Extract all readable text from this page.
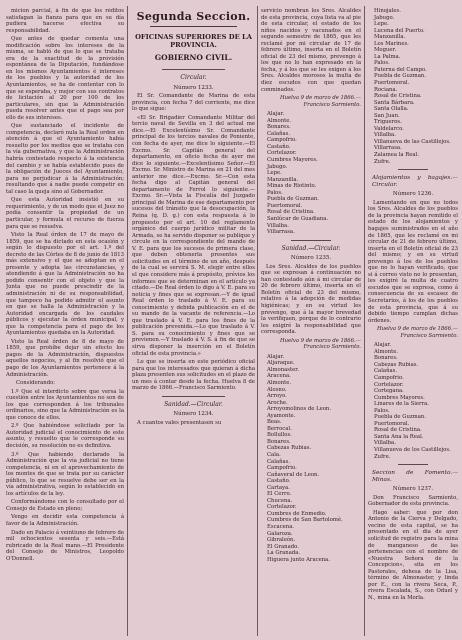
micion parcial, á fin de que los réditos satisfagan la fianza para que en su día pudiera hacerse efectiva su responsabilidad.

Que antes de quedar comenta una modificación sobre los intereses de la misma, se habló de que lo que se trataba era de la exactitud de la provisión espontánea de la Diputación, fundándose en los mismos Ayuntamientos é intereses de los pueblos y la autoridad de los Ayuntamientos, se ha de contentar con lo que se esperaba, y mejor con sus contratos de licitación al 20 por 100 de los particulares, sin que la Administración pueda resolver antes que el pago sea por ello de sus intereses.

Que sustanciado el incidente de competencia, declaró nula la Real orden en atención á que el Ayuntamiento había resuelto por los medios que se trataba con la vía gubernativa, y que la Administración habría contestado respecto á la existencia del cambio y se había establecido pues de la obligación de Jueces del Ayuntamiento, para no perjudicar á la Administración; resultando que á nadie puede competir en tal caso la queja sino al Gobernador.

Que esta Autoridad insistió en su requerimiento, y de un modo que el Juez no podía consentir la propiedad de un particular, y formula el recurso de fuerza para que se resuelva.

Visto la Real órden de 17 de mayo de 1859, que se ha dictado en esta ocasión y según lo dispuesto por el art. 1.º del decreto de las Córtes de 8 de junio de 1813 más extensivo y el que se adoptan en el presente y adopta las circunstancias, y atendiendo á que la Administración no ha podido consentir con el objeto y que la Junta que no puede prescindir de la administración ni de su responsabilidad, que tampoco ha podido admitir el asunto en que se halla la Administración y la Autoridad encargada de los caudales públicos y ejecutar la órden municipal, y que la competencia para el pago de los Ayuntamientos quedaba en la Autoridad.

Visto la Real órden de 8 de mayo de 1859, que prohíbe dejar sin efecto los pagos de la Administración, dispuestos aquellos negocios, y al fin resolvió que el pago de los Ayuntamientos pertenece á la Administración.

Considerando:

1.º Que el interdicto sobre que versa la cuestión entre los Ayuntamientos no son de los que corresponden á los tribunales ordinarios, sino que la Administración es la que conoce de ellos.

2.º Que habiéndose solicitado por la Autoridad judicial el conocimiento de este asunto, y resuelto que le corresponde su decisión, su resolución no es definitiva.

3.º Que habiendo declarado la Administración que la vía judicial no tiene competencia, ni en el aprovechamiento de los montes de que se trata por su carácter público, lo que se resuelve debe ser en la vía administrativa, según lo establecido en los artículos de la ley.

Conformándome con lo consultado por el Consejo de Estado en pleno;

Vengo en decidir esta competencia á favor de la Administración.

Dado en Palacio á veintiuno de febrero de mil ochocientos sesenta y seis.—Está rubricado de la Real mano.—El Presidente del Consejo de Ministros, Leopoldo O'Donnell.

Segunda Seccion.
OFICINAS SUPERIORES DE LA PROVINCIA.
GOBIERNO CIVIL.
Circular.
Número 1233.

El Sr. Comandante de Marina de esta provincia, con fecha 7 del corriente, me dice lo que sigue:

«El Sr. Brigadier Comandante Militar del tercio naval de Sevilla en 3 del actual me dice.—El Excelentísimo Sr. Comandante principal de los tercios navales de Poniente, con fecha de ayer, me dice lo siguiente.—El Excmo. Sr. Capitán general del departamento, en oficio fecha de ayer me dice lo siguiente.—Excelentísimo Señor.—El Excmo. Sr. Ministro de Marina en 21 del mes anterior me dice.—Excmo. Sr.—Con esta fecha digo al Capitán general del departamento de Ferrol lo siguiente.—Excmo. Sr.—Vista la Fiscalía del Juzgado principal de Marina de ese departamento por sucesos del tránsito que la desocupación, la Reina (q. D. g.) con esta respuesta á lo propuesto por el art. 10 del reglamento orgánico del cuerpo jurídico militar de la Armada, se ha servido disponer se publique y circule en la correspondiente del mando de V. E. para que los sucesos de primera clase, que deben obtenerla presentes sus solicitudes en el término de un año, después de la cual se servirá S. M. elegir entre ellos el que considere más á propósito, prévios los informes que se determinan en el artículo ya citado.—De Real órden lo digo á V. E. para su noticia y fines que se expresan.—Y de igual Real órden lo traslado á V. E. para su conocimiento y debida publicación en el de su mando de la vacante de referencia.—Lo que traslado á V. E. para los fines de la publicación prevenida.—Lo que traslado á V. S. para su conocimiento y fines que se previenen.—Y traslado á V. S. á fin de que se sirva disponer la inserción en el Boletín oficial de esta provincia.»

Lo que se inserta en este periódico oficial para que los interesados que quieran á dicha plaza presenten sus solicitudes en el plazo de un mes á contar desde la fecha. Huelva 8 de marzo de 1866.—Francisco Sarmiento.

Sanidad.—Circular.
Número 1234.

A cuantos vales presentasen su

servicio nombran los Sres. Alcaldes de esta provincia, cuya lista va al pie de esta circular, el estado de los niños nacidos y vacunados en el segundo semestre de 1865, que les reclamé por mi circular de 17 de febrero último, inserta en el Boletín oficial de 23 del mismo, prevengo á los que no lo han expresado en la fecha, y á los que se les exigen á los Sres. Alcaldes morosos la multa de diez escudos con que quedan conminados.

Huelva 9 de marzo de 1866.—Francisco Sarmiento.
Alajar.
Almonte.
Bonares.
Calañas.
Campofrio.
Castaño.
Cortelazor.
Cumbres Mayores.
Jabugo.
Lepe.
Manzanilla.
Minas de Riotinto.
Palos.
Puebla de Guzman.
Puertomoral.
Rosal de Cristina.
Sanlúcar de Guadiana.
Villalba.
Villarrasa.
Sanidad.—Circular.
Número 1235.

Los Sres. Alcaldes de los pueblos que se expresan á continuación no han contestado aún á mi circular de 20 de febrero último, inserta en el Boletín oficial de 23 del mismo, relativo á la adopción de medidas higiénicas; y en su virtud les prevengo, que á la mayor brevedad la verifiquen, porque de lo contrario les exigiré la responsabilidad que corresponda.

Huelva 9 de marzo de 1866.—Francisco Sarmiento.
Alajar.
Aljaraque.
Almonaster.
Aracena.
Almonte.
Alosno.
Arroyo.
Aroche.
Arroyomolinos de Leon.
Ayamonte.
Beas.
Berrocal.
Bollullos.
Bonares.
Cabezas Rubias.
Cala.
Calañas.
Campofrio.
Cañaveral de Leon.
Castaño.
Cartaya.
El Cerro.
Chucena.
Cortelazor.
Cumbres de Enmedio.
Cumbres de San Bartolomé.
Escacena.
Galaroza.
Gibraleón.
El Granado.
La Granada.
Higuera junto Aracena.
Hinojales.
Jabugo.
Lepe.
Lucena del Puerto.
Manzanilla.
Los Marines.
Moguer.
La Palma.
Palos.
Paterna del Campo.
Puebla de Guzman.
Puertomoral.
Rociana.
Rosal de Cristina.
Santa Bárbara.
Santa Olalla.
San Juan.
Trigueros.
Valdelarco.
Villalba.
Villanueva de las Castillejos.
Villarrasa.
Zalamea la Real.
Zufre.
Alojamientos y bagajes.—Circular.
Número 1236.

Lamentando en que no todos los Sres. Alcaldes de los pueblos de la provincia hayan remitido el estado de los alojamientos y bagajes suministrados en el año de 1865, que les reclamé en mi circular de 21 de febrero último, inserta en el Boletín oficial de 23 del mismo; y en su virtud prevengo á los de los pueblos que no lo hayan verificado, que si á correo visto no lo presentan, les exigiré la multa de cuatro escudos que se expresa, como á consecuencia de su escasez de Secretarios, á los de los pueblos de esta provincia, que á su debido tiempo cumplan dichas órdenes.

Huelva 9 de marzo de 1866.—Francisco Sarmiento.
Alajar.
Almonte.
Bonares.
Cabezas Rubias.
Calañas.
Campofrio.
Cortelazor.
Cortegana.
Cumbres Mayores.
Linares de la Sierra.
Palos.
Puebla de Guzman.
Puertomoral.
Rosal de Cristina.
Santa Ana la Real.
Villalba.
Villanueva de los Castillejos.
Zufre.
Seccion de Fomento.—Minas.
Número 1237.

Don Francisco Sarmiento, Gobernador de esta provincia.

Hago saber: que por don Antonio de la Cierva y Delgado, vecino de esta capital, se ha presentado en el dia de ayer solicitud de registro para la mina de manganeso de las pertenencias con el nombre de «Nuestra Señora de la Concepcion», sita en los Pastorales, dehesa de la Lisa, término de Almonaster, y linda por E., con la rivera Seca, P., rivera Escalada, S., con Oduel y N., mina en la Morla.
